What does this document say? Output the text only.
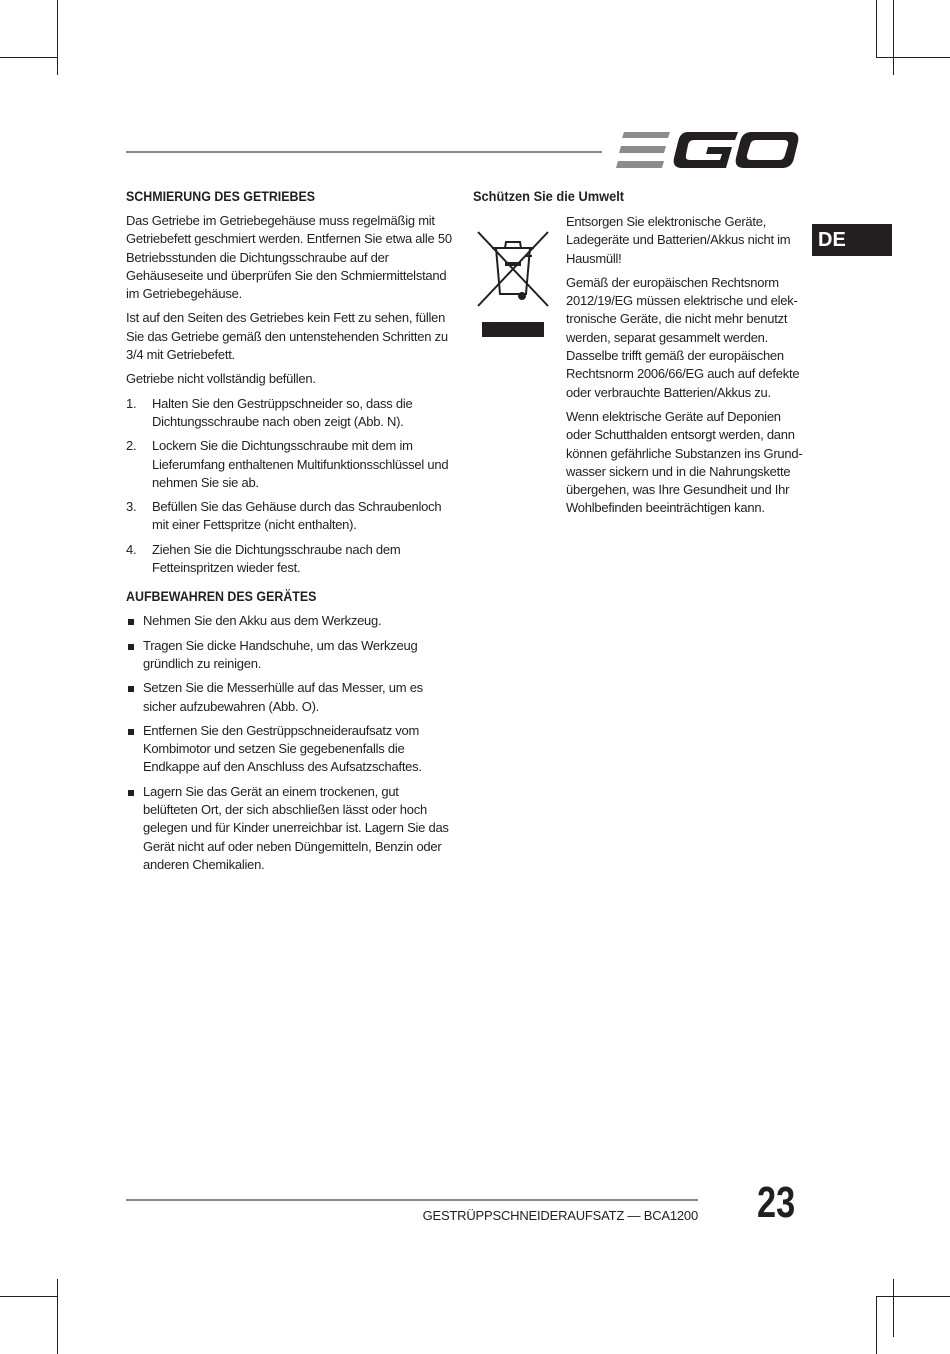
DE
SCHMIERUNG DES GETRIEBES

Das Getriebe im Getriebegehäuse muss regelmäßig mit Getriebefett geschmiert werden. Entfernen Sie etwa alle 50 Betriebsstunden die Dichtungsschraube auf der Gehäuseseite und überprüfen Sie den Schmiermittelstand im Getriebegehäuse.

Ist auf den Seiten des Getriebes kein Fett zu sehen, füllen Sie das Getriebe gemäß den untenstehenden Schritten zu 3/4 mit Getriebefett.

Getriebe nicht vollständig befüllen.

1. Halten Sie den Gestrüppschneider so, dass die Dichtungsschraube nach oben zeigt (Abb. N).
2. Lockern Sie die Dichtungsschraube mit dem im Lieferumfang enthaltenen Multifunktionsschlüssel und nehmen Sie sie ab.
3. Befüllen Sie das Gehäuse durch das Schraubenloch mit einer Fettspritze (nicht enthalten).
4. Ziehen Sie die Dichtungsschraube nach dem Fetteinspritzen wieder fest.
AUFBEWAHREN DES GERÄTES
Nehmen Sie den Akku aus dem Werkzeug.
Tragen Sie dicke Handschuhe, um das Werkzeug gründlich zu reinigen.
Setzen Sie die Messerhülle auf das Messer, um es sicher aufzubewahren (Abb. O).
Entfernen Sie den Gestrüppschneideraufsatz vom Kombimotor und setzen Sie gegebenenfalls die Endkappe auf den Anschluss des Aufsatzschaftes.
Lagern Sie das Gerät an einem trockenen, gut belüfteten Ort, der sich abschließen lässt oder hoch gelegen und für Kinder unerreichbar ist. Lagern Sie das Gerät nicht auf oder neben Düngemitteln, Benzin oder anderen Chemikalien.
Schützen Sie die Umwelt

Entsorgen Sie elektronische Geräte, Ladegeräte und Batterien/Akkus nicht im Hausmüll!

Gemäß der europäischen Rechtsnorm 2012/19/EG müssen elektrische und elek-tronische Geräte, die nicht mehr benutzt werden, separat gesammelt werden. Dasselbe trifft gemäß der europäischen Rechtsnorm 2006/66/EG auch auf defekte oder verbrauchte Batterien/Akkus zu.

Wenn elektrische Geräte auf Deponien oder Schutthalden entsorgt werden, dann können gefährliche Substanzen ins Grund-wasser sickern und in die Nahrungskette übergehen, was Ihre Gesundheit und Ihr Wohlbefinden beeinträchtigen kann.

GESTRÜPPSCHNEIDERAUFSATZ — BCA1200 23
